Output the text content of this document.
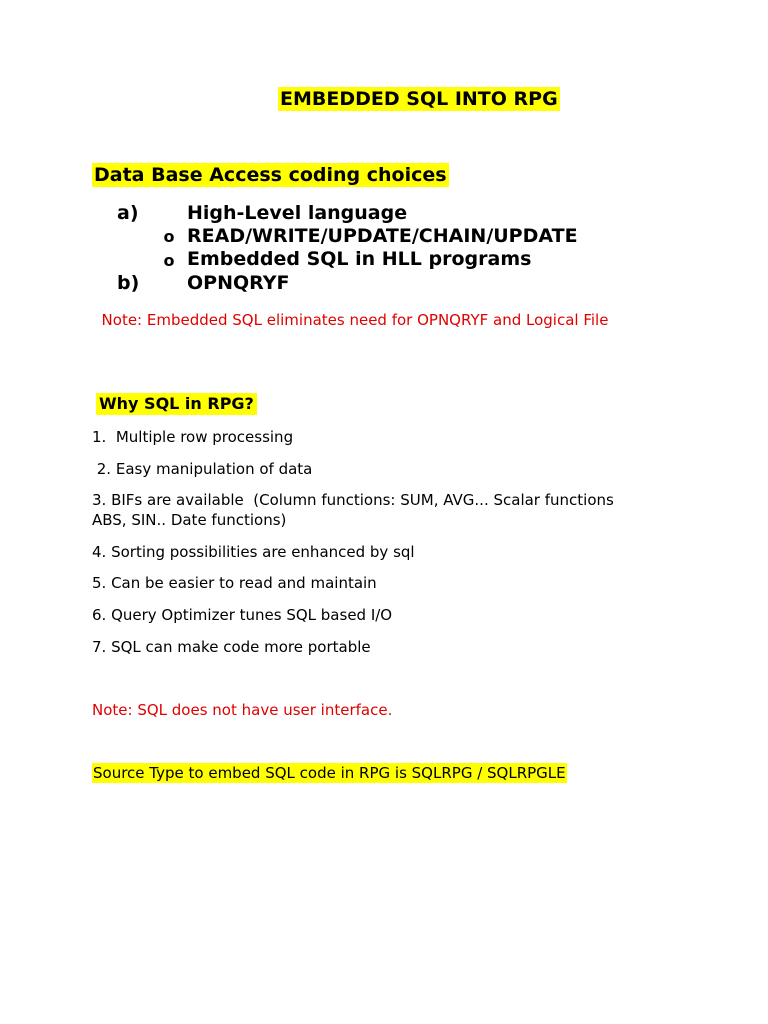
EMBEDDED SQL INTO RPG
Data Base Access coding choices
a)	High-Level language
o READ/WRITE/UPDATE/CHAIN/UPDATE
o Embedded SQL in HLL programs
b)	OPNQRYF
Note: Embedded SQL eliminates need for OPNQRYF and Logical File
Why SQL in RPG?
1.  Multiple row processing
2. Easy manipulation of data
3. BIFs are available  (Column functions: SUM, AVG... Scalar functions ABS, SIN.. Date functions)
4. Sorting possibilities are enhanced by sql
5. Can be easier to read and maintain
6. Query Optimizer tunes SQL based I/O
7. SQL can make code more portable
Note: SQL does not have user interface.
Source Type to embed SQL code in RPG is SQLRPG / SQLRPGLE
